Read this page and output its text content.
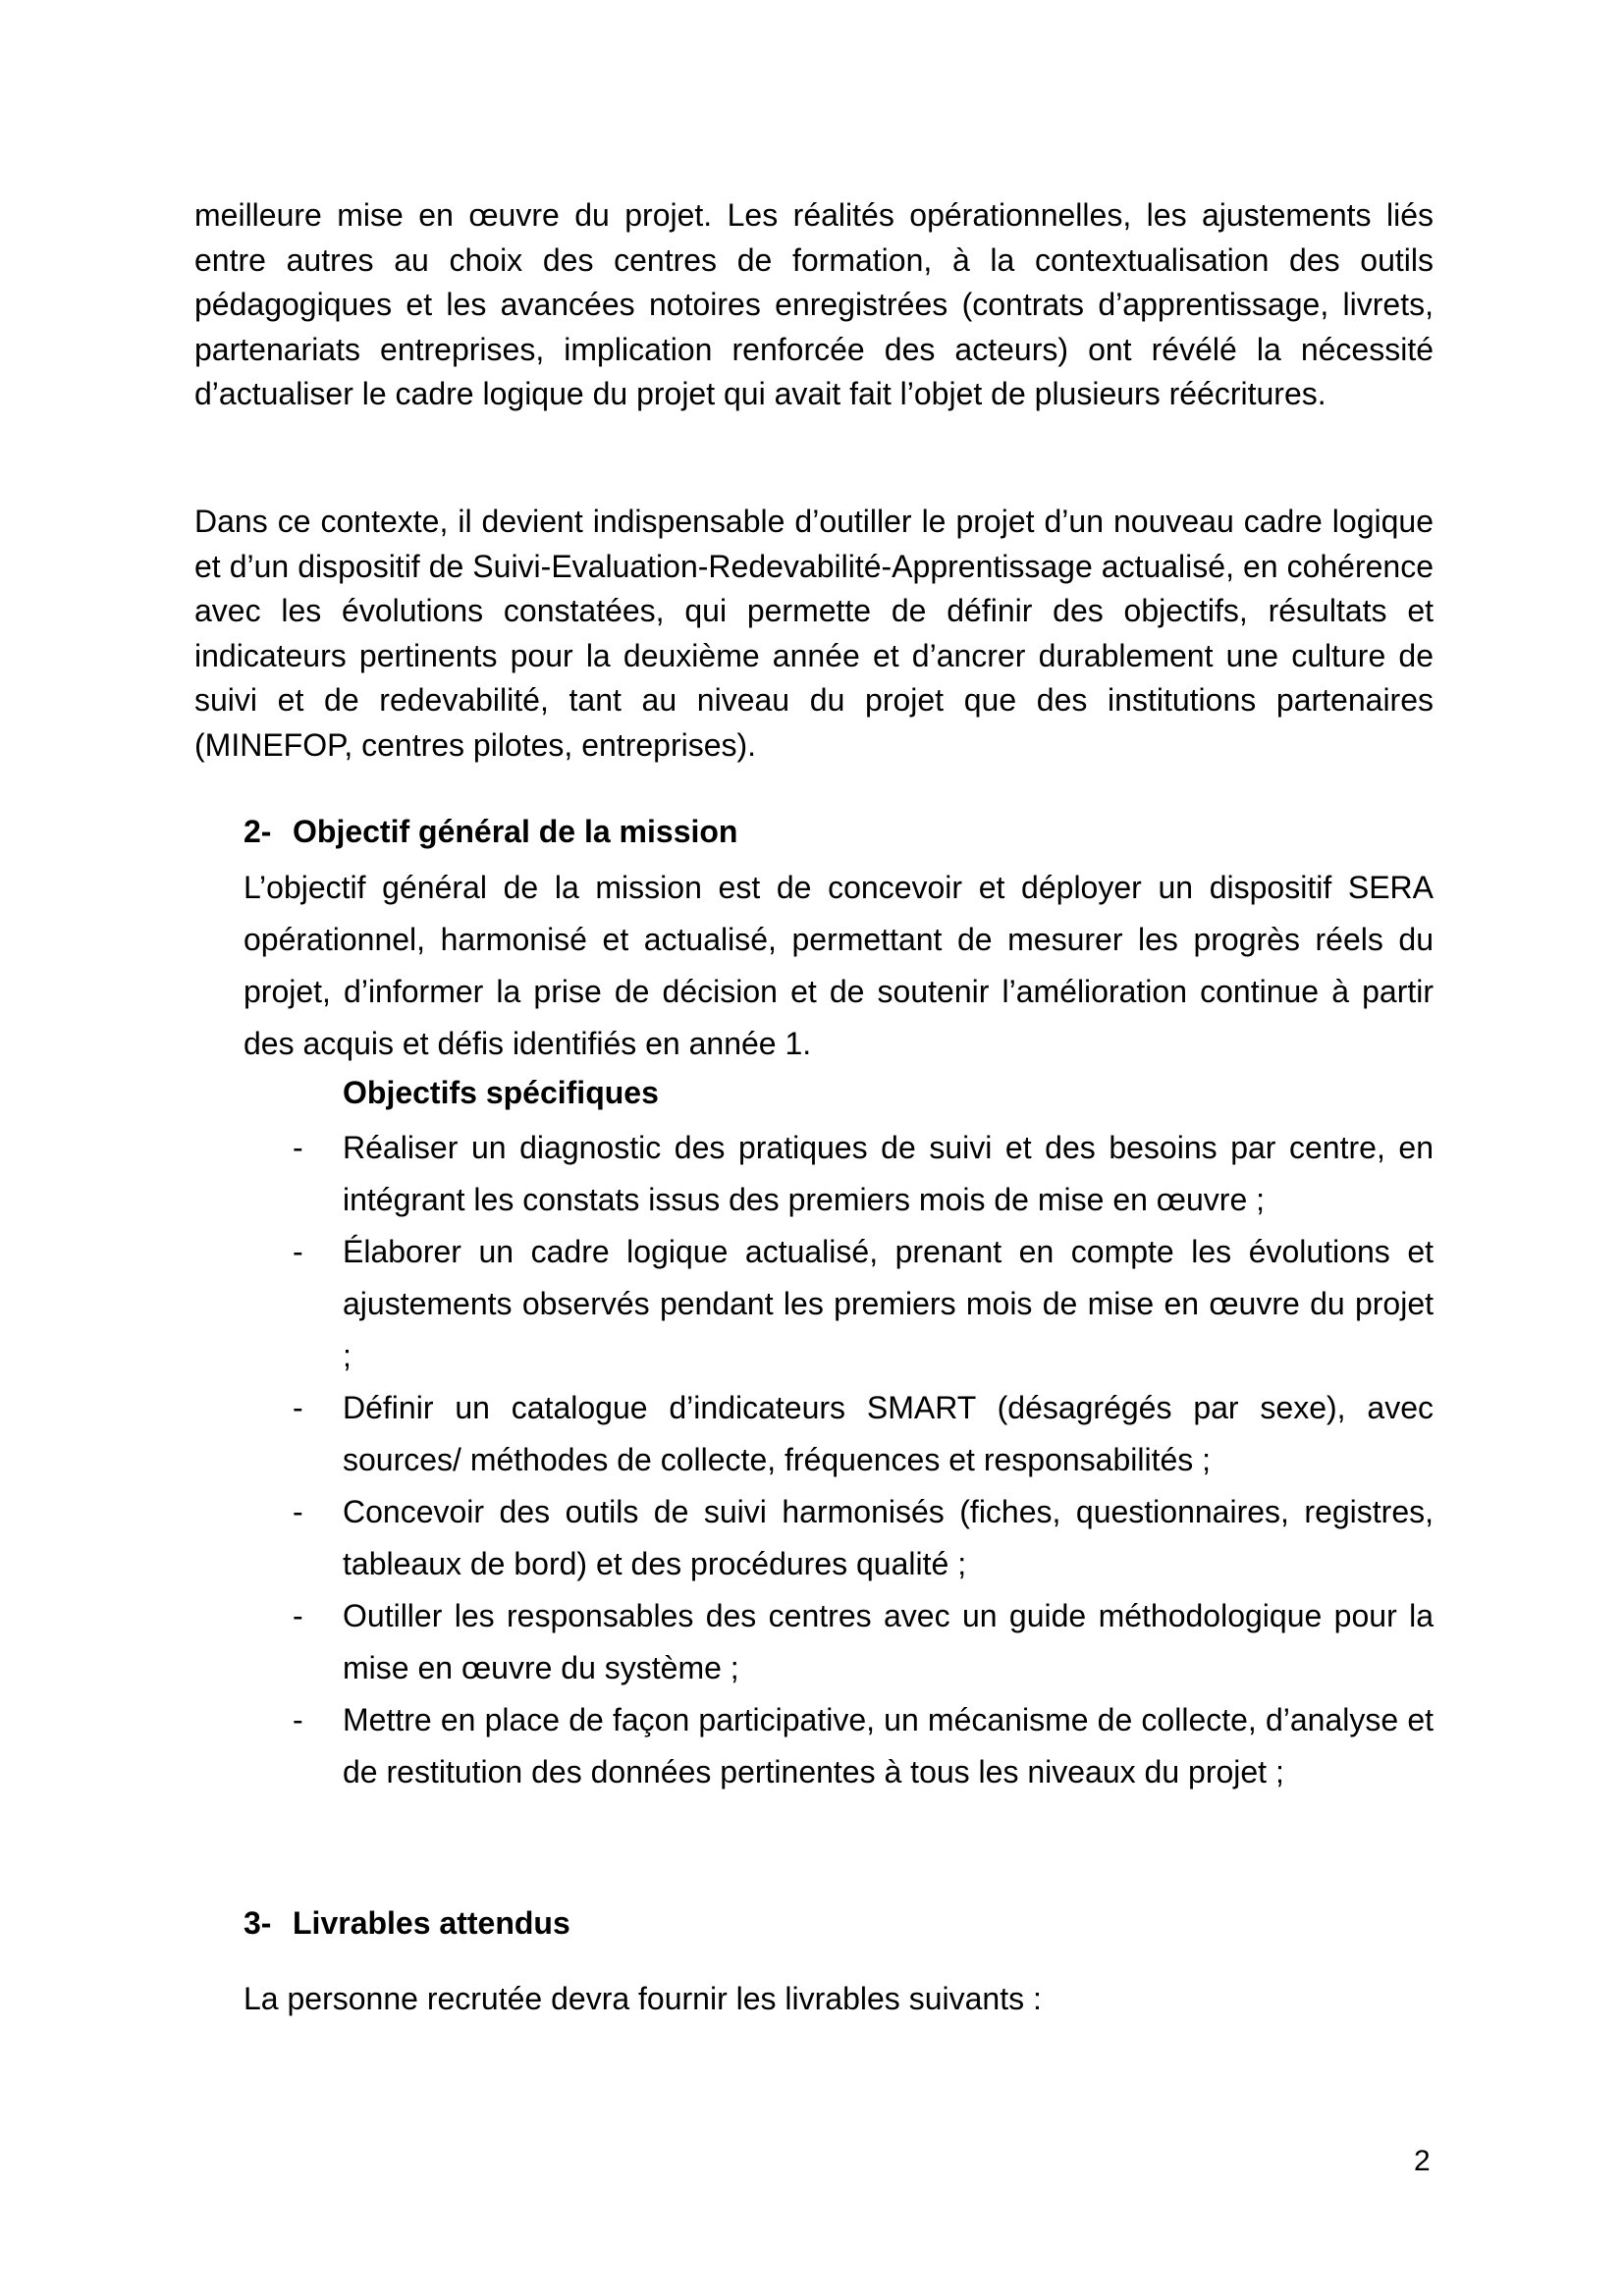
meilleure mise en œuvre du projet. Les réalités opérationnelles, les ajustements liés entre autres au choix des centres de formation, à la contextualisation des outils pédagogiques et les avancées notoires enregistrées (contrats d’apprentissage, livrets, partenariats entreprises, implication renforcée des acteurs) ont révélé la nécessité d’actualiser le cadre logique du projet qui avait fait l’objet de plusieurs réécritures.

Dans ce contexte, il devient indispensable d’outiller le projet d’un nouveau cadre logique et d’un dispositif de Suivi-Evaluation-Redevabilité-Apprentissage actualisé, en cohérence avec les évolutions constatées, qui permette de définir des objectifs, résultats et indicateurs pertinents pour la deuxième année et d’ancrer durablement une culture de suivi et de redevabilité, tant au niveau du projet que des institutions partenaires (MINEFOP, centres pilotes, entreprises).

2- Objectif général de la mission

L’objectif général de la mission est de concevoir et déployer un dispositif SERA opérationnel, harmonisé et actualisé, permettant de mesurer les progrès réels du projet, d’informer la prise de décision et de soutenir l’amélioration continue à partir des acquis et défis identifiés en année 1.

Objectifs spécifiques
- Réaliser un diagnostic des pratiques de suivi et des besoins par centre, en intégrant les constats issus des premiers mois de mise en œuvre ;
- Élaborer un cadre logique actualisé, prenant en compte les évolutions et ajustements observés pendant les premiers mois de mise en œuvre du projet ;
- Définir un catalogue d’indicateurs SMART (désagrégés par sexe), avec sources/ méthodes de collecte, fréquences et responsabilités ;
- Concevoir des outils de suivi harmonisés (fiches, questionnaires, registres, tableaux de bord) et des procédures qualité ;
- Outiller les responsables des centres avec un guide méthodologique pour la mise en œuvre du système ;
- Mettre en place de façon participative, un mécanisme de collecte, d’analyse et de restitution des données pertinentes à tous les niveaux du projet ;
3- Livrables attendus

La personne recrutée devra fournir les livrables suivants :

2
